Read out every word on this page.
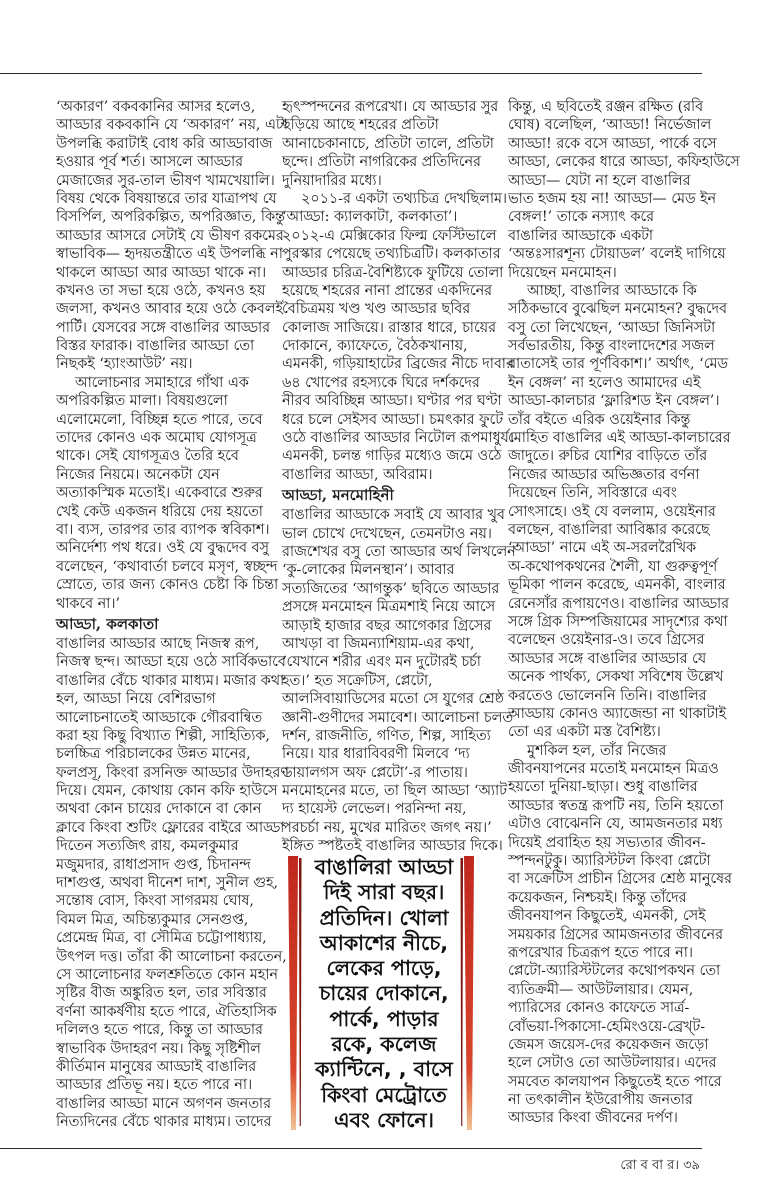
‘অকারণ’ বকবকানির আসর হলেও,
আড্ডার বকবকানি যে ‘অকারণ’ নয়, এটা
উপলব্ধি করাটাই বোধ করি আড্ডাবাজ
হওয়ার পূর্ব শর্ত। আসলে আড্ডার
মেজাজের সুর-তাল ভীষণ খামখেয়ালি।
বিষয় থেকে বিষয়ান্তরে তার যাত্রাপথ যে
বিসর্পিল, অপরিকল্পিত, অপরিজ্ঞাত, কিন্তু
আড্ডার আসরে সেটাই যে ভীষণ রকমের
স্বাভাবিক— হৃদয়তন্ত্রীতে এই উপলব্ধি না
থাকলে আড্ডা আর আড্ডা থাকে না।
কখনও তা সভা হয়ে ওঠে, কখনও হয়
জলসা, কখনও আবার হয়ে ওঠে কেবলই
পার্টি। যেসবের সঙ্গে বাঙালির আড্ডার
বিস্তর ফারাক। বাঙালির আড্ডা তো
নিছকই ‘হ্যাংআউট’ নয়।
আলোচনার সমাহারে গাঁথা এক
অপরিকল্পিত মালা। বিষয়গুলো
এলোমেলো, বিচ্ছিন্ন হতে পারে, তবে
তাদের কোনও এক অমোঘ যোগসূত্র
থাকে। সেই যোগসূত্রও তৈরি হবে
নিজের নিয়মে। অনেকটা যেন
অত্যাকস্মিক মতোই। একেবারে শুরুর
খেই কেউ একজন ধরিয়ে দেয় হয়তো
বা। ব্যস, তারপর তার ব্যাপক স্ববিকাশ।
অনির্দেশ্য পথ ধরে। ওই যে বুদ্ধদেব বসু
বলেছেন, ‘কথাবার্তা চলবে মসৃণ, স্বচ্ছন্দ
স্রোতে, তার জন্য কোনও চেষ্টা কি চিন্তা
থাকবে না।’
আড্ডা, কলকাতা
বাঙালির আড্ডার আছে নিজস্ব রূপ,
নিজস্ব ছন্দ। আড্ডা হয়ে ওঠে সার্বিকভাবে
বাঙালির বেঁচে থাকার মাধ্যম। মজার কথা
হল, আড্ডা নিয়ে বেশিরভাগ
আলোচনাতেই আড্ডাকে গৌরবান্বিত
করা হয় কিছু বিখ্যাত শিল্পী, সাহিত্যিক,
চলচ্চিত্র পরিচালকের উন্নত মানের,
ফলপ্রসূ, কিংবা রসনিক্ত আড্ডার উদাহরণ
দিয়ে। যেমন, কোথায় কোন কফি হাউসে
অথবা কোন চায়ের দোকানে বা কোন
ক্লাবে কিংবা শুটিং ফ্লোরের বাইরে আড্ডা
দিতেন সত্যজিৎ রায়, কমলকুমার
মজুমদার, রাধাপ্রসাদ গুপ্ত, চিদানন্দ
দাশগুপ্ত, অথবা দীনেশ দাশ, সুনীল গুহ,
সন্তোষ বোস, কিংবা সাগরময় ঘোষ,
বিমল মিত্র, অচিন্ত্যকুমার সেনগুপ্ত,
প্রেমেন্দ্র মিত্র, বা সৌমিত্র চট্টোপাধ্যায়,
উৎপল দত্ত। তাঁরা কী আলোচনা করতেন,
সে আলোচনার ফলশ্রুতিতে কোন মহান
সৃষ্টির বীজ অঙ্কুরিত হল, তার সবিস্তার
বর্ণনা আকর্ষণীয় হতে পারে, ঐতিহাসিক
দলিলও হতে পারে, কিন্তু তা আড্ডার
স্বাভাবিক উদাহরণ নয়। কিছু সৃষ্টিশীল
কীর্তিমান মানুষের আড্ডাই বাঙালির
আড্ডার প্রতিভূ নয়। হতে পারে না।
বাঙালির আড্ডা মানে অগণন জনতার
নিত্যদিনের বেঁচে থাকার মাধ্যম। তাদের
হৃৎস্পন্দনের রূপরেখা। যে আড্ডার সুর
ছড়িয়ে আছে শহরের প্রতিটা
আনাচেকানাচে, প্রতিটা তালে, প্রতিটা
ছন্দে। প্রতিটা নাগরিকের প্রতিদিনের
দুনিয়াদারির মধ্যে।
২০১১-র একটা তথ্যচিত্র দেখছিলাম।
‘আড্ডা: ক্যালকাটা, কলকাতা’।
২০১২-এ মেক্সিকোর ফিল্ম ফেস্টিভালে
পুরস্কার পেয়েছে তথ্যচিত্রটি। কলকাতার
আড্ডার চরিত্র-বৈশিষ্ট্যকে ফুটিয়ে তোলা
হয়েছে শহরের নানা প্রান্তের একদিনের
বৈচিত্রময় খণ্ড খণ্ড আড্ডার ছবির
কোলাজ সাজিয়ে। রাস্তার ধারে, চায়ের
দোকানে, ক্যাফেতে, বৈঠকখানায়,
এমনকী, গড়িয়াহাটের ব্রিজের নীচে দাবার
৬৪ খোপের রহস্যকে ঘিরে দর্শকদের
নীরব অবিচ্ছিন্ন আড্ডা। ঘণ্টার পর ঘণ্টা
ধরে চলে সেইসব আড্ডা। চমৎকার ফুটে
ওঠে বাঙালির আড্ডার নিটোল রূপমাধুর্য।
এমনকী, চলন্ত গাড়ির মধ্যেও জমে ওঠে
বাঙালির আড্ডা, অবিরাম।
আড্ডা, মনমোহিনী
বাঙালির আড্ডাকে সবাই যে আবার খুব
ভাল চোখে দেখেছেন, তেমনটাও নয়।
রাজশেখর বসু তো আড্ডার অর্থ লিখলেন
‘কু-লোকের মিলনস্থান’। আবার
সত্যজিতের ‘আগন্তুক’ ছবিতে আড্ডার
প্রসঙ্গে মনমোহন মিত্রমশাই নিয়ে আসে
আড়াই হাজার বছর আগেকার গ্রিসের
আখড়া বা জিমন্যাশিয়াম-এর কথা,
‘যেখানে শরীর এবং মন দুটোরই চর্চা
হত।’ হত সক্রেটিস, প্লেটো,
আলসিবায়াডিসের মতো সে যুগের শ্রেষ্ঠ
জ্ঞানী-গুণীদের সমাবেশ। আলোচনা চলত
দর্শন, রাজনীতি, গণিত, শিল্প, সাহিত্য
নিয়ে। যার ধারাবিবরণী মিলবে ‘দ্য
ডায়ালগস অফ প্লেটো’-র পাতায়।
মনমোহনের মতে, তা ছিল আড্ডা ‘অ্যাট
দ্য হায়েস্ট লেভেল। পরনিন্দা নয়,
পরচর্চা নয়, মুখের মারিতং জগৎ নয়।’
ইঙ্গিত স্পষ্টতই বাঙালির আড্ডার দিকে।
কিন্তু, এ ছবিতেই রঞ্জন রক্ষিত (রবি
ঘোষ) বলেছিল, ‘আড্ডা! নির্ভেজাল
আড্ডা! রকে বসে আড্ডা, পার্কে বসে
আড্ডা, লেকের ধারে আড্ডা, কফিহাউসে
আড্ডা— যেটা না হলে বাঙালির
ভাত হজম হয় না! আড্ডা— মেড ইন
বেঙ্গল!’ তাকে নস্যাৎ করে
বাঙালির আড্ডাকে একটা
‘অন্তঃসারশূন্য টোয়াডল’ বলেই দাগিয়ে
দিয়েছেন মনমোহন।
আচ্ছা, বাঙালির আড্ডাকে কি
সঠিকভাবে বুঝেছিল মনমোহন? বুদ্ধদেব
বসু তো লিখেছেন, ‘আড্ডা জিনিসটা
সর্বভারতীয়, কিন্তু বাংলাদেশের সজল
বাতাসেই তার পূর্ণবিকাশ।’ অর্থাৎ, ‘মেড
ইন বেঙ্গল’ না হলেও আমাদের এই
আড্ডা-কালচার ‘ফ্লারিশড ইন বেঙ্গল’।
তাঁর বইতে এরিক ওয়েইনার কিন্তু
মোহিত বাঙালির এই আড্ডা-কালচারের
জাদুতে। রুচির যোশির বাড়িতে তাঁর
নিজের আড্ডার অভিজ্ঞতার বর্ণনা
দিয়েছেন তিনি, সবিস্তারে এবং
সোৎসাহে। ওই যে বললাম, ওয়েইনার
বলছেন, বাঙালিরা আবিষ্কার করেছে
‘আড্ডা’ নামে এই অ-সরলরৈখিক
অ-কথোপকথনের শৈলী, যা গুরুত্বপূর্ণ
ভূমিকা পালন করেছে, এমনকী, বাংলার
রেনেসাঁর রূপায়ণেও। বাঙালির আড্ডার
সঙ্গে গ্রিক সিম্পজিয়ামের সাদৃশ্যের কথা
বলেছেন ওয়েইনার-ও। তবে গ্রিসের
আড্ডার সঙ্গে বাঙালির আড্ডার যে
অনেক পার্থক্য, সেকথা সবিশেষ উল্লেখ
করতেও ভোলেননি তিনি। বাঙালির
আড্ডায় কোনও অ্যাজেন্ডা না থাকাটাই
তো এর একটা মস্ত বৈশিষ্ট্য।
মুশকিল হল, তাঁর নিজের
জীবনযাপনের মতোই মনমোহন মিত্রও
হয়তো দুনিয়া-ছাড়া। শুধু বাঙালির
আড্ডার স্বতন্ত্র রূপটি নয়, তিনি হয়তো
এটাও বোঝেননি যে, আমজনতার মধ্য
দিয়েই প্রবাহিত হয় সভ্যতার জীবন-
স্পন্দনটুকু। অ্যারিস্টটল কিংবা প্লেটো
বা সক্রেটিস প্রাচীন গ্রিসের শ্রেষ্ঠ মানুষের
কয়েকজন, নিশ্চয়ই। কিন্তু তাঁদের
জীবনযাপন কিছুতেই, এমনকী, সেই
সময়কার গ্রিসের আমজনতার জীবনের
রূপরেখার চিত্ররূপ হতে পারে না।
প্লেটো-অ্যারিস্টটলের কথোপকথন তো
ব্যতিক্রমী— আউটলায়ার। যেমন,
প্যারিসের কোনও কাফেতে সার্ত্র-
বোঁভয়া-পিকাসো-হেমিংওয়ে-ব্রেখ্ট-
জেমস জয়েস-দের কয়েকজন জড়ো
হলে সেটাও তো আউটলায়ার। এদের
সমবেত কালযাপন কিছুতেই হতে পারে
না তৎকালীন ইউরোপীয় জনতার
আড্ডার কিংবা জীবনের দর্পণ।
বাঙালিরা আড্ডা
দিই সারা বছর।
প্রতিদিন। খোলা
আকাশের নীচে,
লেকের পাড়ে,
চায়ের দোকানে,
পার্কে, পাড়ার
রকে, কলেজ
ক্যান্টিনে, , বাসে
কিংবা মেট্রোতে
এবং ফোনে।
রো ব বা র। ৩৯
